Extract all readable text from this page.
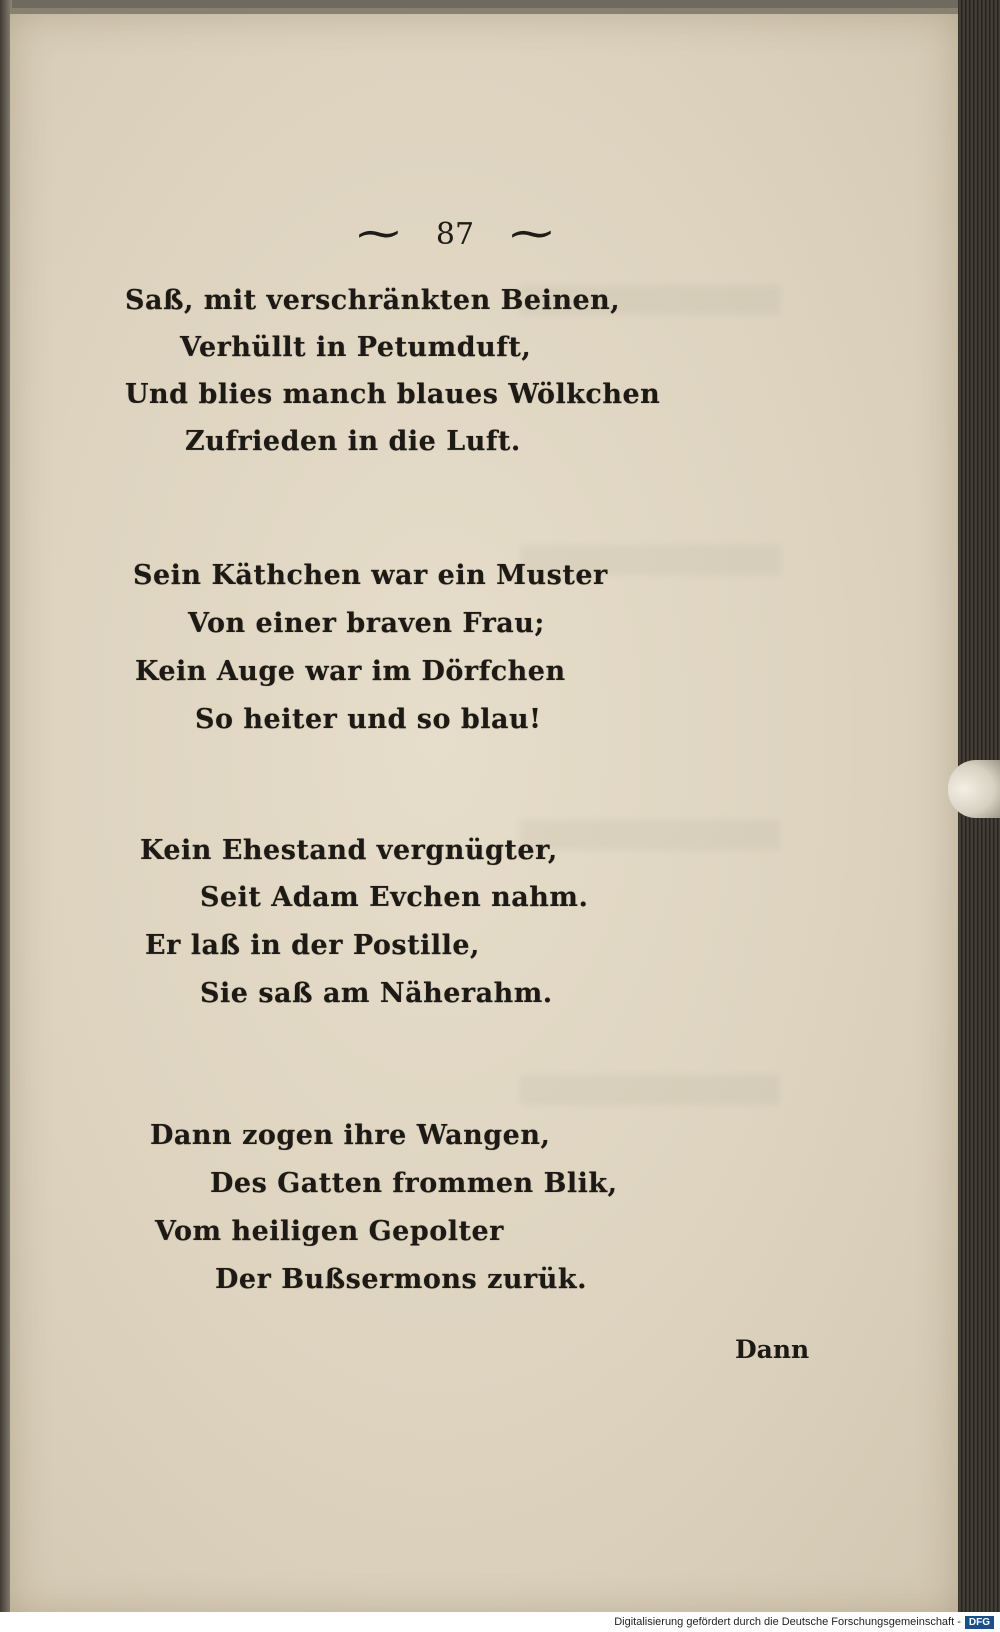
~ 87 ~
Saß, mit verschränkten Beinen,
Verhüllt in Petumduft,
Und blies manch blaues Wölkchen
Zufrieden in die Luft.
Sein Käthchen war ein Muster
Von einer braven Frau;
Kein Auge war im Dörfchen
So heiter und so blau!
Kein Ehestand vergnügter,
Seit Adam Evchen nahm.
Er laß in der Postille,
Sie saß am Näherahm.
Dann zogen ihre Wangen,
Des Gatten frommen Blik,
Vom heiligen Gepolter
Der Bußsermons zurük.
Dann
Digitalisierung gefördert durch die Deutsche Forschungsgemeinschaft - DFG
